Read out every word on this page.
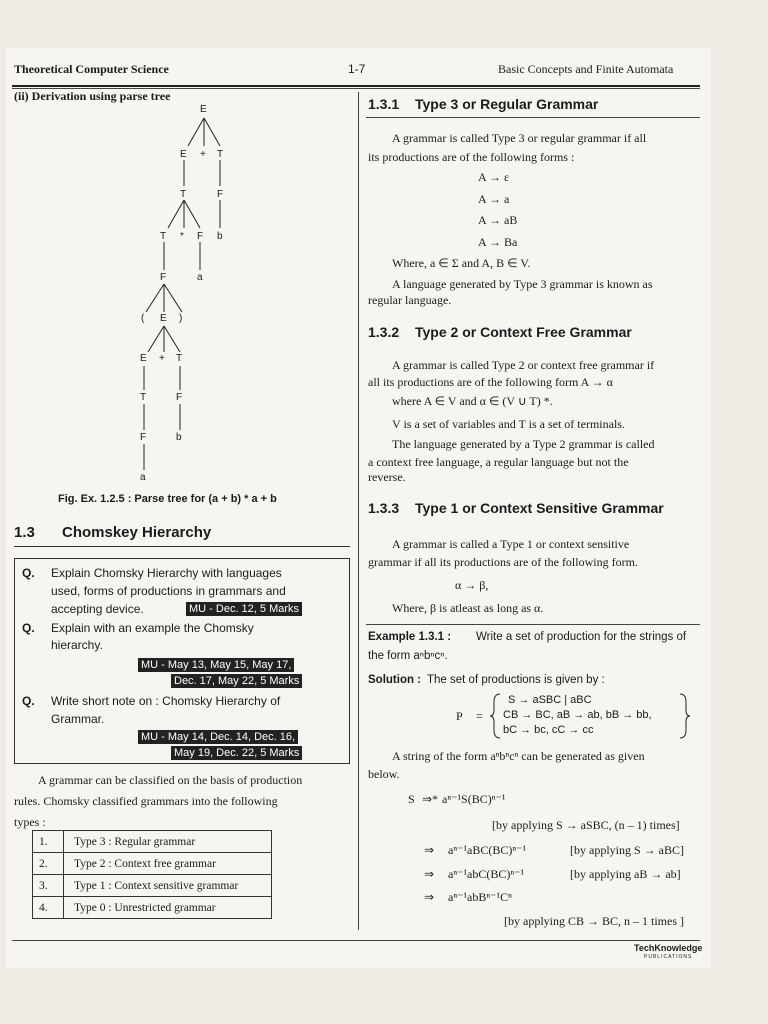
Theoretical Computer Science	1-7	Basic Concepts and Finite Automata
(ii) Derivation using parse tree
E
E + T
T	F
T * F b
F	a
( E )
E + T
T	F
F	b
a
Fig. Ex. 1.2.5 : Parse tree for (a + b) * a + b
1.3 Chomskey Hierarchy
Q. Explain Chomsky Hierarchy with languages
used, forms of productions in grammars and
accepting device.	MU - Dec. 12, 5 Marks
Q. Explain with an example the Chomsky
hierarchy.
MU - May 13, May 15, May 17,
Dec. 17, May 22, 5 Marks
Q. Write short note on : Chomsky Hierarchy of
Grammar.
MU - May 14, Dec. 14, Dec. 16,
May 19, Dec. 22, 5 Marks
A grammar can be classified on the basis of production
rules. Chomsky classified grammars into the following
types :
1.	Type 3 : Regular grammar
2.	Type 2 : Context free grammar
3.	Type 1 : Context sensitive grammar
4.	Type 0 : Unrestricted grammar
1.3.1 Type 3 or Regular Grammar
A grammar is called Type 3 or regular grammar if all
its productions are of the following forms :
A → ε
A → a
A → aB
A → Ba
Where, a ∈ Σ and A, B ∈ V.
A language generated by Type 3 grammar is known as
regular language.
1.3.2 Type 2 or Context Free Grammar
A grammar is called Type 2 or context free grammar if
all its productions are of the following form A → α
where A ∈ V and α ∈ (V ∪ T) *.
V is a set of variables and T is a set of terminals.
The language generated by a Type 2 grammar is called
a context free language, a regular language but not the
reverse.
1.3.3 Type 1 or Context Sensitive Grammar
A grammar is called a Type 1 or context sensitive
grammar if all its productions are of the following form.
α → β,
Where, β is atleast as long as α.
Example 1.3.1 : Write a set of production for the strings of
the form aⁿbⁿcⁿ.
Solution : The set of productions is given by :
P =
S → aSBC | aBC
CB → BC, aB → ab, bB → bb,
bC → bc, cC → cc
A string of the form aⁿbⁿcⁿ can be generated as given
below.
S ⇒* aⁿ⁻¹S(BC)ⁿ⁻¹
[by applying S → aSBC, (n – 1) times]
⇒ aⁿ⁻¹aBC(BC)ⁿ⁻¹	[by applying S → aBC]
⇒ aⁿ⁻¹abC(BC)ⁿ⁻¹	[by applying aB → ab]
⇒ aⁿ⁻¹abBⁿ⁻¹Cⁿ
[by applying CB → BC, n – 1 times ]
TechKnowledge
PUBLICATIONS
